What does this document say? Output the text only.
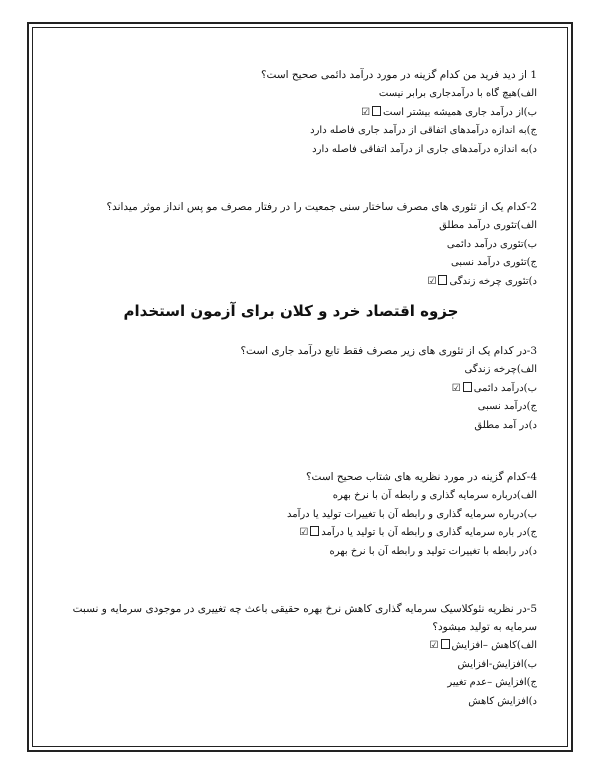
1 از دید فرید من کدام گزینه در مورد درآمد دائمی صحیح است؟
الف)هیچ گاه با درآمدجاری برابر نیست
ب)از درآمد جاری همیشه بیشتر است☑
ج)به اندازه درآمدهای اتفاقی از درآمد جاری فاصله دارد
د)به اندازه درآمدهای جاری از درآمد اتفاقی فاصله دارد
2-کدام یک از تئوری های مصرف ساختار سنی جمعیت را در رفتار مصرف مو پس انداز موثر میداند؟
الف)تئوری درآمد مطلق
ب)تئوری درآمد دائمی
ج)تئوری درآمد نسبی
د)تئوری چرخه زندگی☑
جزوه اقتصاد خرد و کلان برای آزمون استخدام
3-در کدام یک از تئوری های زیر مصرف فقط تابع درآمد جاری است؟
الف)چرخه زندگی
ب)درآمد دائمی☑
ج)درآمد نسبی
د)در آمد مطلق
4-کدام گزینه در مورد نظریه های شتاب صحیح است؟
الف)درباره سرمایه گذاری و رابطه آن با نرخ بهره
ب)درباره سرمایه گذاری و رابطه آن با تغییرات تولید یا درآمد
ج)در باره سرمایه گذاری و رابطه آن با تولید یا درآمد☑
د)در رابطه با تغییرات تولید و رابطه آن با نرخ بهره
5-در نظریه نئوکلاسیک سرمایه گذاری کاهش نرخ بهره حقیقی باعث چه تغییری در موجودی سرمایه و نسبت سرمایه به تولید میشود؟
الف)کاهش –افزایش☑
ب)افزایش-افزایش
ج)افزایش –عدم تغییر
د)افزایش کاهش
